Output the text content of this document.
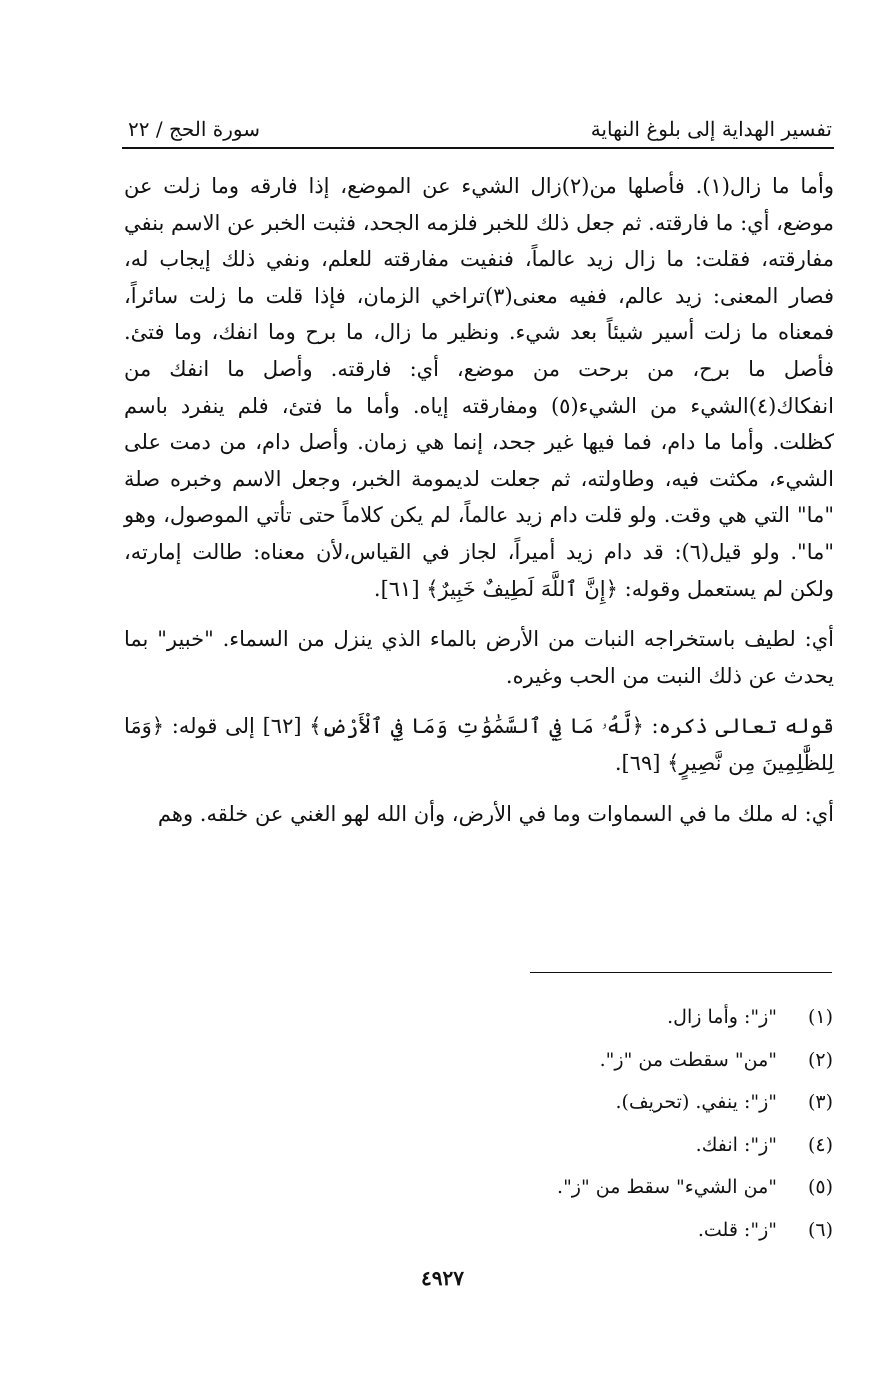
تفسير الهداية إلى بلوغ النهاية
سورة الحج / ٢٢

وأما ما زال(١). فأصلها من(٢)زال الشيء عن الموضع، إذا فارقه وما زلت عن موضع، أي: ما فارقته. ثم جعل ذلك للخبر فلزمه الجحد، فثبت الخبر عن الاسم بنفي مفارقته، فقلت: ما زال زيد عالماً، فنفيت مفارقته للعلم، ونفي ذلك إيجاب له، فصار المعنى: زيد عالم، ففيه معنى(٣)تراخي الزمان، فإذا قلت ما زلت سائراً، فمعناه ما زلت أسير شيئاً بعد شيء. ونظير ما زال، ما برح وما انفك، وما فتئ. فأصل ما برح، من برحت من موضع، أي: فارقته. وأصل ما انفك من انفكاك(٤)الشيء من الشيء(٥) ومفارقته إياه. وأما ما فتئ، فلم ينفرد باسم كظلت. وأما ما دام، فما فيها غير جحد، إنما هي زمان. وأصل دام، من دمت على الشيء، مكثت فيه، وطاولته، ثم جعلت لديمومة الخبر، وجعل الاسم وخبره صلة "ما" التي هي وقت. ولو قلت دام زيد عالماً، لم يكن كلاماً حتى تأتي الموصول، وهو "ما". ولو قيل(٦): قد دام زيد أميراً، لجاز في القياس،لأن معناه: طالت إمارته، ولكن لم يستعمل وقوله: ﴿إِنَّ ٱللَّهَ لَطِيفٌ خَبِيرٌ﴾ [٦١].

أي: لطيف باستخراجه النبات من الأرض بالماء الذي ينزل من السماء. "خبير" بما يحدث عن ذلك النبت من الحب وغيره.

قوله تعالى ذكره: ﴿لَّهُۥ مَا فِي ٱلسَّمَٰوَٰتِ وَمَا فِي ٱلْأَرْضِ﴾ [٦٢] إلى قوله: ﴿وَمَا لِلظَّٰلِمِينَ مِن نَّصِيرٍ﴾ [٦٩].

أي: له ملك ما في السماوات وما في الأرض، وأن الله لهو الغني عن خلقه. وهم

(١)
"ز": وأما زال.
(٢)
"من" سقطت من "ز".
(٣)
"ز": ينفي. (تحريف).
(٤)
"ز": انفك.
(٥)
"من الشيء" سقط من "ز".
(٦)
"ز": قلت.
٤٩٢٧
